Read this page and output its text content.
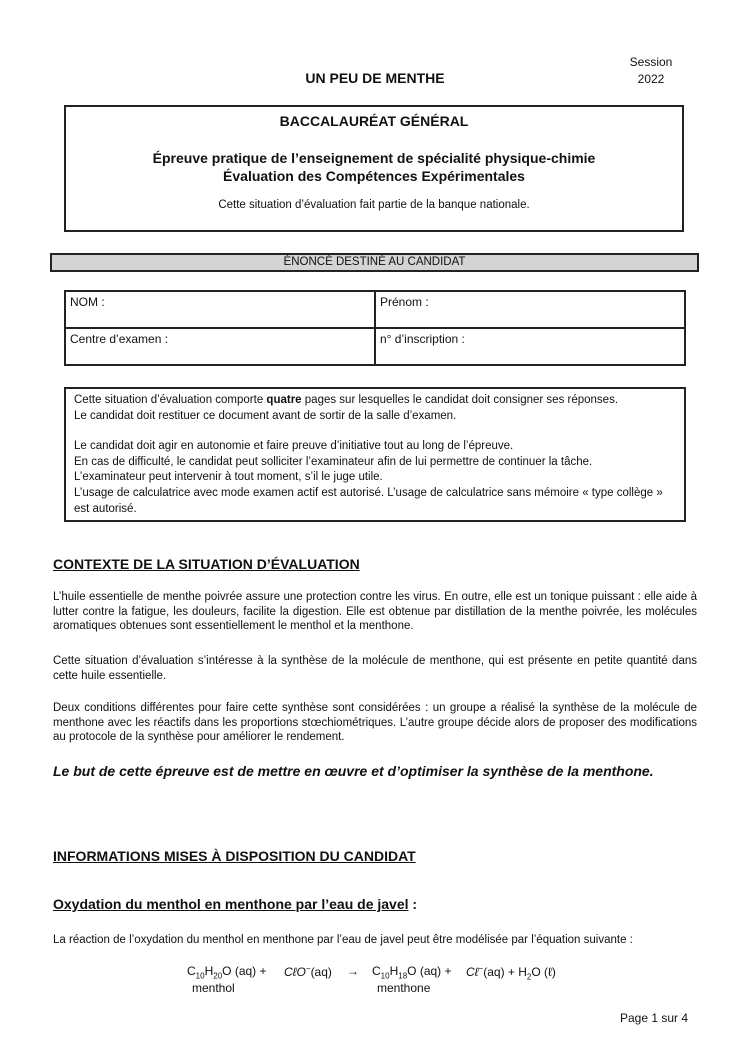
Session
2022
UN PEU DE MENTHE
BACCALAURÉAT GÉNÉRAL
Épreuve pratique de l’enseignement de spécialité physique-chimie
Évaluation des Compétences Expérimentales
Cette situation d’évaluation fait partie de la banque nationale.
ÉNONCÉ DESTINÉ AU CANDIDAT
NOM :	Prénom :
Centre d’examen :	n° d’inscription :

Cette situation d’évaluation comporte quatre pages sur lesquelles le candidat doit consigner ses réponses.

Le candidat doit restituer ce document avant de sortir de la salle d’examen.

Le candidat doit agir en autonomie et faire preuve d’initiative tout au long de l’épreuve.

En cas de difficulté, le candidat peut solliciter l’examinateur afin de lui permettre de continuer la tâche.

L’examinateur peut intervenir à tout moment, s’il le juge utile.

L’usage de calculatrice avec mode examen actif est autorisé. L’usage de calculatrice sans mémoire « type collège » est autorisé.

CONTEXTE DE LA SITUATION D’ÉVALUATION
L’huile essentielle de menthe poivrée assure une protection contre les virus. En outre, elle est un tonique puissant : elle aide à lutter contre la fatigue, les douleurs, facilite la digestion. Elle est obtenue par distillation de la menthe poivrée, les molécules aromatiques obtenues sont essentiellement le menthol et la menthone.
Cette situation d’évaluation s’intéresse à la synthèse de la molécule de menthone, qui est présente en petite quantité dans cette huile essentielle.
Deux conditions différentes pour faire cette synthèse sont considérées : un groupe a réalisé la synthèse de la molécule de menthone avec les réactifs dans les proportions stœchiométriques. L’autre groupe décide alors de proposer des modifications au protocole de la synthèse pour améliorer le rendement.
Le but de cette épreuve est de mettre en œuvre et d’optimiser la synthèse de la menthone.
INFORMATIONS MISES À DISPOSITION DU CANDIDAT
Oxydation du menthol en menthone par l’eau de javel :
La réaction de l’oxydation du menthol en menthone par l’eau de javel peut être modélisée par l’équation suivante :
$C_{10}H_{20}O$ (aq) + CℓO−(aq) → $C_{10}H_{18}O$ (aq) + Cℓ−(aq) + $H_2O$ (ℓ)
menthol	menthone
Page 1 sur 4
